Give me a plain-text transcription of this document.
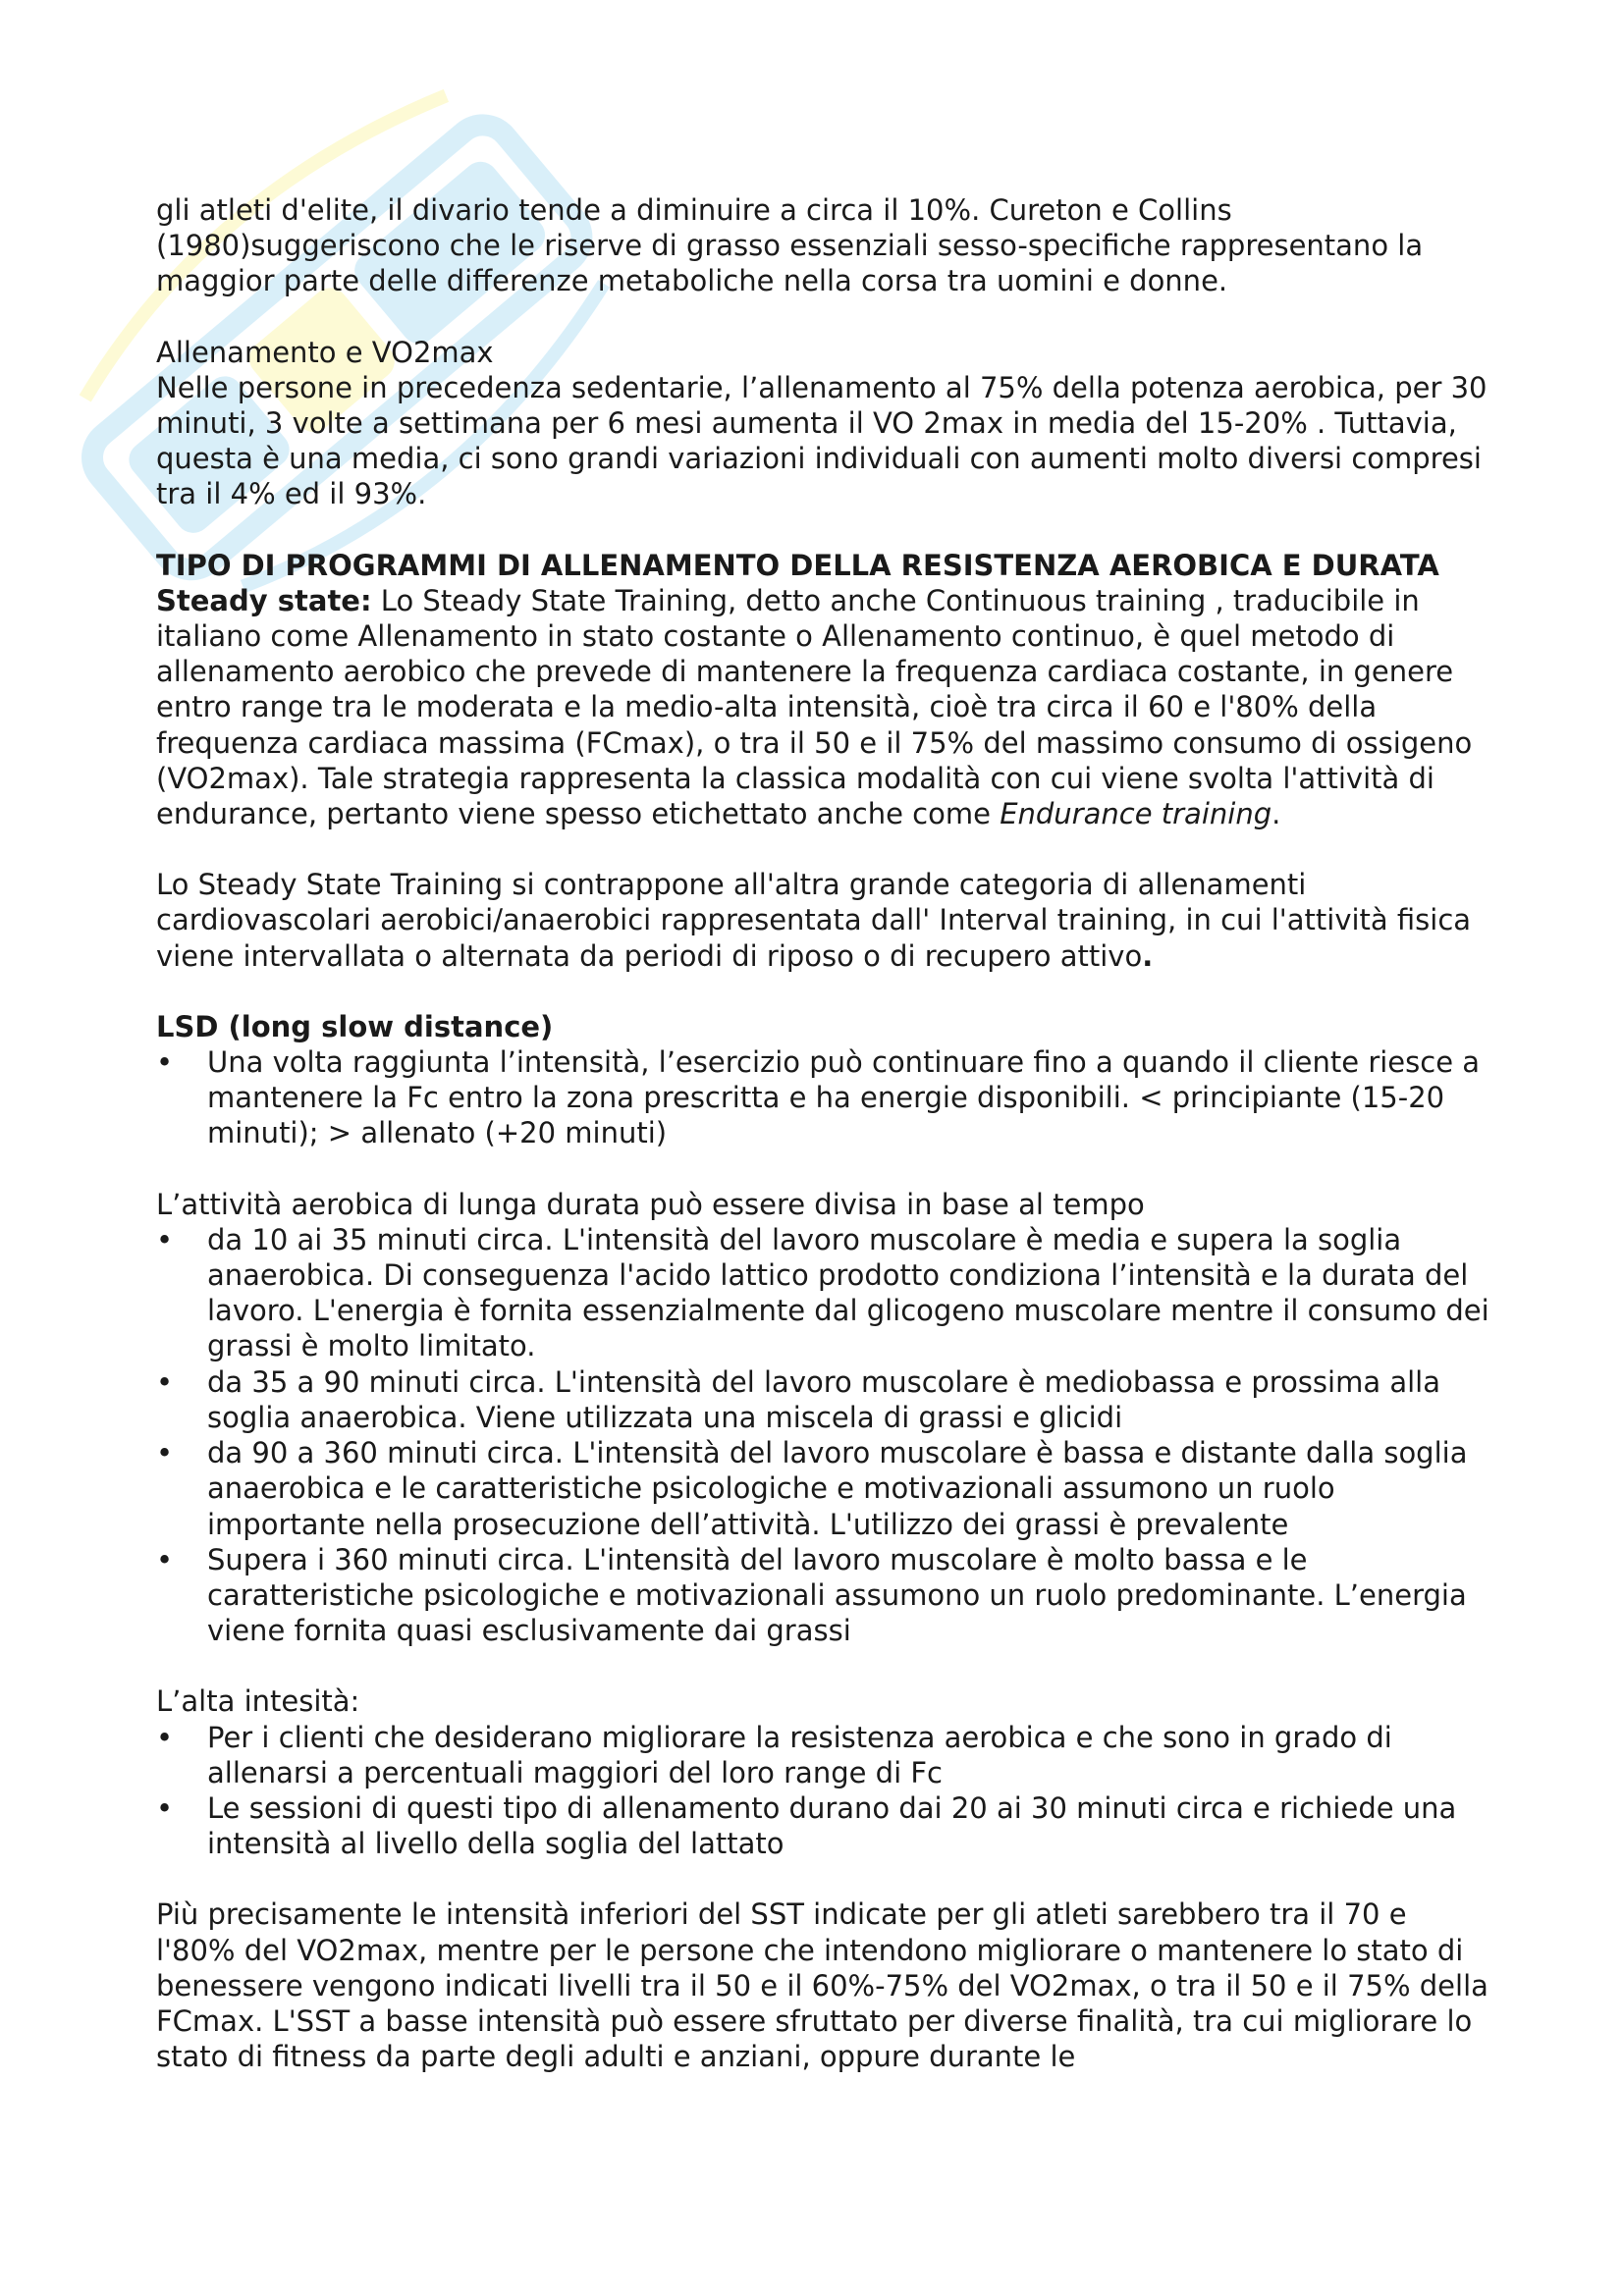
gli atleti d'elite, il divario tende a diminuire a circa il 10%. Cureton e Collins (1980)suggeriscono che le riserve di grasso essenziali sesso-specifiche rappresentano la maggior parte delle differenze metaboliche nella corsa tra uomini e donne.

Allenamento e VO2max

Nelle persone in precedenza sedentarie, l’allenamento al 75% della potenza aerobica, per 30 minuti, 3 volte a settimana per 6 mesi aumenta il VO 2max in media del 15-20% . Tuttavia, questa è una media, ci sono grandi variazioni individuali con aumenti molto diversi compresi tra il 4% ed il 93%.

TIPO DI PROGRAMMI DI ALLENAMENTO DELLA RESISTENZA AEROBICA E DURATA

Steady state: Lo Steady State Training, detto anche Continuous training , traducibile in italiano come Allenamento in stato costante o Allenamento continuo, è quel metodo di allenamento aerobico che prevede di mantenere la frequenza cardiaca costante, in genere entro range tra le moderata e la medio-alta intensità, cioè tra circa il 60 e l'80% della frequenza cardiaca massima (FCmax), o tra il 50 e il 75% del massimo consumo di ossigeno (VO2max). Tale strategia rappresenta la classica modalità con cui viene svolta l'attività di endurance, pertanto viene spesso etichettato anche come Endurance training.

Lo Steady State Training si contrappone all'altra grande categoria di allenamenti cardiovascolari aerobici/anaerobici rappresentata dall' Interval training, in cui l'attività fisica viene intervallata o alternata da periodi di riposo o di recupero attivo.

LSD (long slow distance)

• Una volta raggiunta l’intensità, l’esercizio può continuare fino a quando il cliente riesce a mantenere la Fc entro la zona prescritta e ha energie disponibili. < principiante (15-20 minuti); > allenato (+20 minuti)

L’attività aerobica di lunga durata può essere divisa in base al tempo

• da 10 ai 35 minuti circa. L'intensità del lavoro muscolare è media e supera la soglia anaerobica. Di conseguenza l'acido lattico prodotto condiziona l’intensità e la durata del lavoro. L'energia è fornita essenzialmente dal glicogeno muscolare mentre il consumo dei grassi è molto limitato.
• da 35 a 90 minuti circa. L'intensità del lavoro muscolare è mediobassa e prossima alla soglia anaerobica. Viene utilizzata una miscela di grassi e glicidi
• da 90 a 360 minuti circa. L'intensità del lavoro muscolare è bassa e distante dalla soglia anaerobica e le caratteristiche psicologiche e motivazionali assumono un ruolo importante nella prosecuzione dell’attività. L'utilizzo dei grassi è prevalente
• Supera i 360 minuti circa. L'intensità del lavoro muscolare è molto bassa e le caratteristiche psicologiche e motivazionali assumono un ruolo predominante. L’energia viene fornita quasi esclusivamente dai grassi

L’alta intesità:

• Per i clienti che desiderano migliorare la resistenza aerobica e che sono in grado di allenarsi a percentuali maggiori del loro range di Fc
• Le sessioni di questi tipo di allenamento durano dai 20 ai 30 minuti circa e richiede una intensità al livello della soglia del lattato

Più precisamente le intensità inferiori del SST indicate per gli atleti sarebbero tra il 70 e l'80% del VO2max, mentre per le persone che intendono migliorare o mantenere lo stato di benessere vengono indicati livelli tra il 50 e il 60%-75% del VO2max, o tra il 50 e il 75% della FCmax. L'SST a basse intensità può essere sfruttato per diverse finalità, tra cui migliorare lo stato di fitness da parte degli adulti e anziani, oppure durante le
